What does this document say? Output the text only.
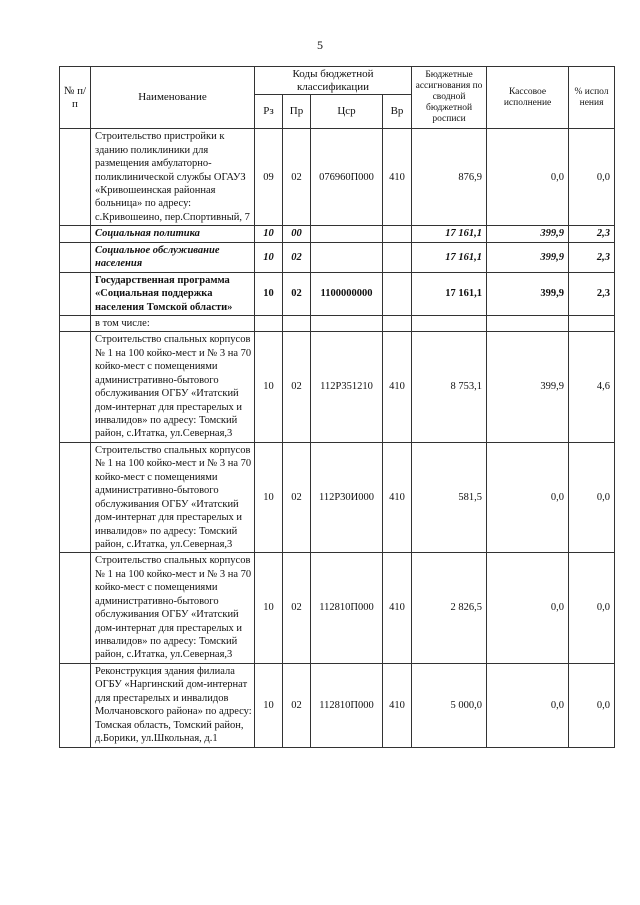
5
№ п/п	Наименование	Коды бюджетной классификации				Бюджетные ассигнования по сводной бюджетной росписи	Кассовое исполнение	% испол нения
		Рз	Пр	Цср	Вр			
	Строительство пристройки к зданию поликлиники для размещения амбулаторно-поликлинической службы ОГАУЗ «Кривошеинская районная больница» по адресу: с.Кривошеино, пер.Спортивный, 7	09	02	076960П000	410	876,9	0,0	0,0
	Социальная политика	10	00			17 161,1	399,9	2,3
	Социальное обслуживание населения	10	02			17 161,1	399,9	2,3
	Государственная программа «Социальная поддержка населения Томской области»	10	02	1100000000		17 161,1	399,9	2,3
	в том числе:							
	Строительство спальных корпусов № 1 на 100 койко-мест и № 3 на 70 койко-мест с помещениями административно-бытового обслуживания ОГБУ «Итатский дом-интернат для престарелых и инвалидов» по адресу: Томский район, с.Итатка, ул.Северная,3	10	02	112Р351210	410	8 753,1	399,9	4,6
	Строительство спальных корпусов № 1 на 100 койко-мест и № 3 на 70 койко-мест с помещениями административно-бытового обслуживания ОГБУ «Итатский дом-интернат для престарелых и инвалидов» по адресу: Томский район, с.Итатка, ул.Северная,3	10	02	112Р30И000	410	581,5	0,0	0,0
	Строительство спальных корпусов № 1 на 100 койко-мест и № 3 на 70 койко-мест с помещениями административно-бытового обслуживания ОГБУ «Итатский дом-интернат для престарелых и инвалидов» по адресу: Томский район, с.Итатка, ул.Северная,3	10	02	112810П000	410	2 826,5	0,0	0,0
	Реконструкция здания филиала ОГБУ «Наргинский дом-интернат для престарелых и инвалидов Молчановского района» по адресу: Томская область, Томский район, д.Борики, ул.Школьная, д.1	10	02	112810П000	410	5 000,0	0,0	0,0
